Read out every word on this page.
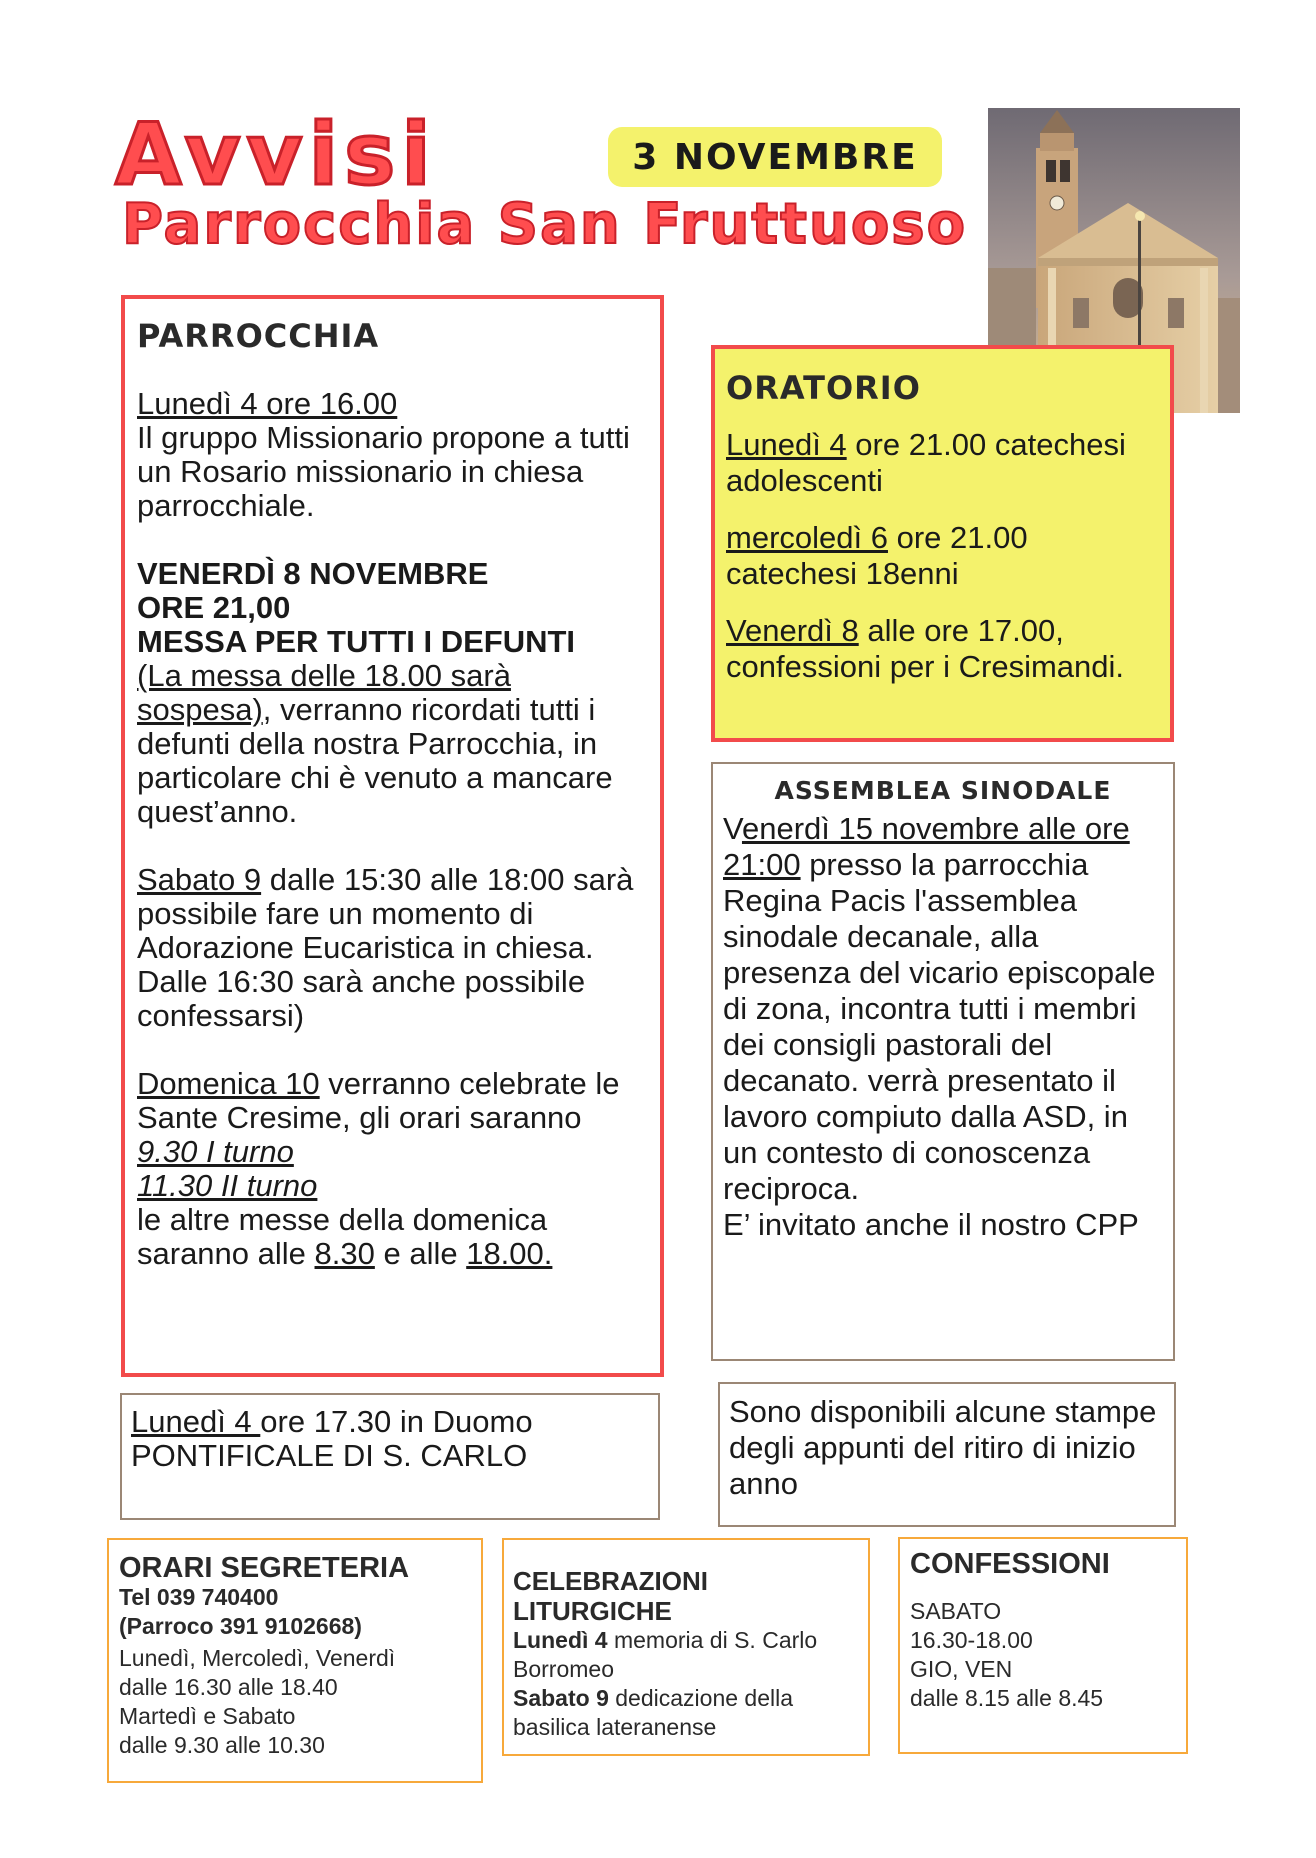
Avvisi
Parrocchia San Fruttuoso
3 NOVEMBRE
PARROCCHIA

Lunedì 4 ore 16.00
Il gruppo Missionario propone a tutti un Rosario missionario in chiesa parrocchiale.

VENERDÌ 8 NOVEMBRE
ORE 21,00
MESSA PER TUTTI I DEFUNTI
(La messa delle 18.00 sarà sospesa), verranno ricordati tutti i defunti della nostra Parrocchia, in particolare chi è venuto a mancare quest’anno.

Sabato 9 dalle 15:30 alle 18:00 sarà possibile fare un momento di Adorazione Eucaristica in chiesa. Dalle 16:30 sarà anche possibile confessarsi)

Domenica 10 verranno celebrate le Sante Cresime, gli orari saranno
9.30 I turno
11.30 II turno
le altre messe della domenica saranno alle 8.30 e alle 18.00.

ORATORIO

Lunedì 4 ore 21.00 catechesi adolescenti

mercoledì 6 ore 21.00 catechesi 18enni

Venerdì 8 alle ore 17.00, confessioni per i Cresimandi.

ASSEMBLEA SINODALE
Venerdì 15 novembre alle ore 21:00 presso la parrocchia Regina Pacis l'assemblea sinodale decanale, alla presenza del vicario episcopale di zona, incontra tutti i membri dei consigli pastorali del decanato. verrà presentato il lavoro compiuto dalla ASD, in un contesto di conoscenza reciproca.
E’ invitato anche il nostro CPP
Lunedì 4 ore 17.30 in Duomo
PONTIFICALE DI S. CARLO
Sono disponibili alcune stampe degli appunti del ritiro di inizio anno
ORARI SEGRETERIA
Tel 039 740400
(Parroco 391 9102668)
Lunedì, Mercoledì, Venerdì
dalle 16.30 alle 18.40
Martedì e Sabato
dalle 9.30 alle 10.30
CELEBRAZIONI LITURGICHE
Lunedì 4 memoria di S. Carlo Borromeo
Sabato 9 dedicazione della basilica lateranense
CONFESSIONI
SABATO
16.30-18.00
GIO, VEN
dalle 8.15 alle 8.45
